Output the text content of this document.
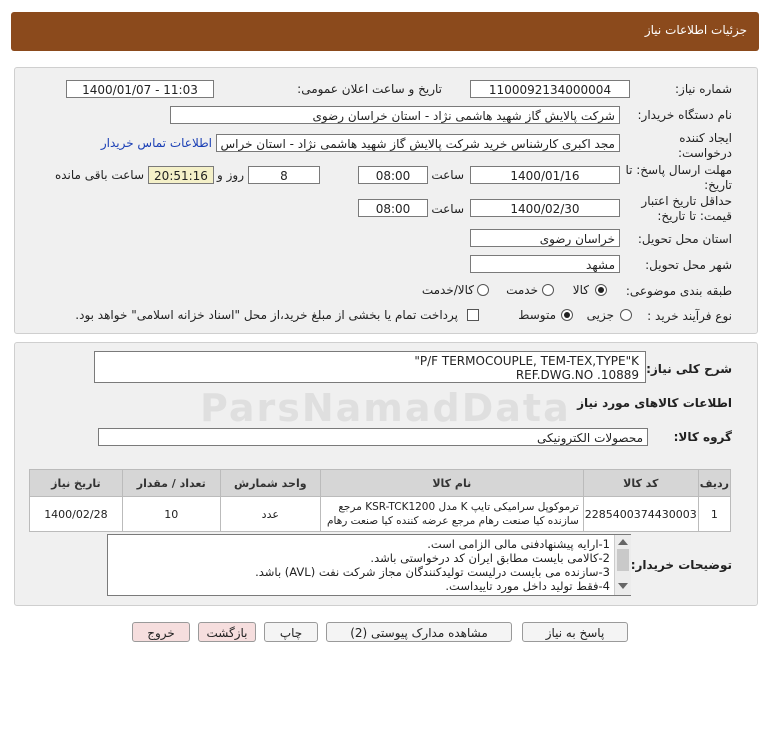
جزئیات اطلاعات نیاز
شماره نیاز:
1100092134000004
تاریخ و ساعت اعلان عمومی:
1400/01/07 - 11:03
نام دستگاه خریدار:
شرکت پالایش گاز شهید هاشمی نژاد - استان خراسان رضوی
ایجاد کننده درخواست:
مجد اکبری کارشناس خرید شرکت پالایش گاز شهید هاشمی نژاد - استان خراس
اطلاعات تماس خریدار
مهلت ارسال پاسخ: تا تاریخ:
1400/01/16
ساعت
08:00
8
روز و
20:51:16
ساعت باقی مانده
حداقل تاریخ اعتبار قیمت: تا تاریخ:
1400/02/30
ساعت
08:00
استان محل تحویل:
خراسان رضوی
شهر محل تحویل:
مشهد
طبقه بندی موضوعی:
کالا
خدمت
کالا/خدمت
نوع فرآیند خرید :
جزیی
متوسط
پرداخت تمام یا بخشی از مبلغ خرید،از محل "اسناد خزانه اسلامی" خواهد بود.
شرح کلی نیاز:
"P/F TERMOCOUPLE, TEM-TEX,TYPE"K
REF.DWG.NO .10889
اطلاعات کالاهای مورد نیاز
گروه کالا:
محصولات الکترونیکی
ردیف	کد کالا	نام کالا	واحد شمارش	تعداد / مقدار	تاریخ نیاز
1	2285400374430003	ترموکوپل سرامیکی تایپ K مدل KSR-TCK1200 مرجع
سازنده کیا صنعت رهام مرجع عرضه کننده کیا صنعت رهام	عدد	10	1400/02/28
توضیحات خریدار:
1-ارایه پیشنهادفنی مالی الزامی است.
2-کالامی بایست مطابق ایران کد درخواستی باشد.
3-سازنده می بایست درلیست تولیدکنندگان مجاز شرکت نفت (AVL) باشد.
4-فقط تولید داخل مورد تاییداست.
پاسخ به نیاز
مشاهده مدارک پیوستی (2)
چاپ
بازگشت
خروج
